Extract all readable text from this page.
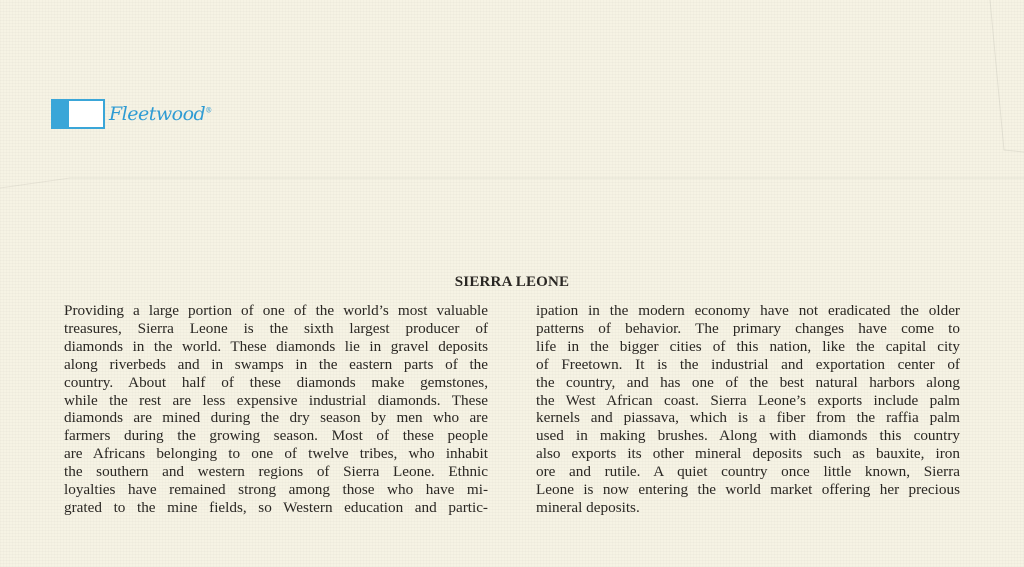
Fleetwood®
SIERRA LEONE
Providing a large portion of one of the world’s most valuable
treasures, Sierra Leone is the sixth largest producer of
diamonds in the world. These diamonds lie in gravel deposits
along riverbeds and in swamps in the eastern parts of the
country. About half of these diamonds make gemstones,
while the rest are less expensive industrial diamonds. These
diamonds are mined during the dry season by men who are
farmers during the growing season. Most of these people
are Africans belonging to one of twelve tribes, who inhabit
the southern and western regions of Sierra Leone. Ethnic
loyalties have remained strong among those who have mi-
grated to the mine fields, so Western education and partic-
ipation in the modern economy have not eradicated the older
patterns of behavior. The primary changes have come to
life in the bigger cities of this nation, like the capital city
of Freetown. It is the industrial and exportation center of
the country, and has one of the best natural harbors along
the West African coast. Sierra Leone’s exports include palm
kernels and piassava, which is a fiber from the raffia palm
used in making brushes. Along with diamonds this country
also exports its other mineral deposits such as bauxite, iron
ore and rutile. A quiet country once little known, Sierra
Leone is now entering the world market offering her precious
mineral deposits.
